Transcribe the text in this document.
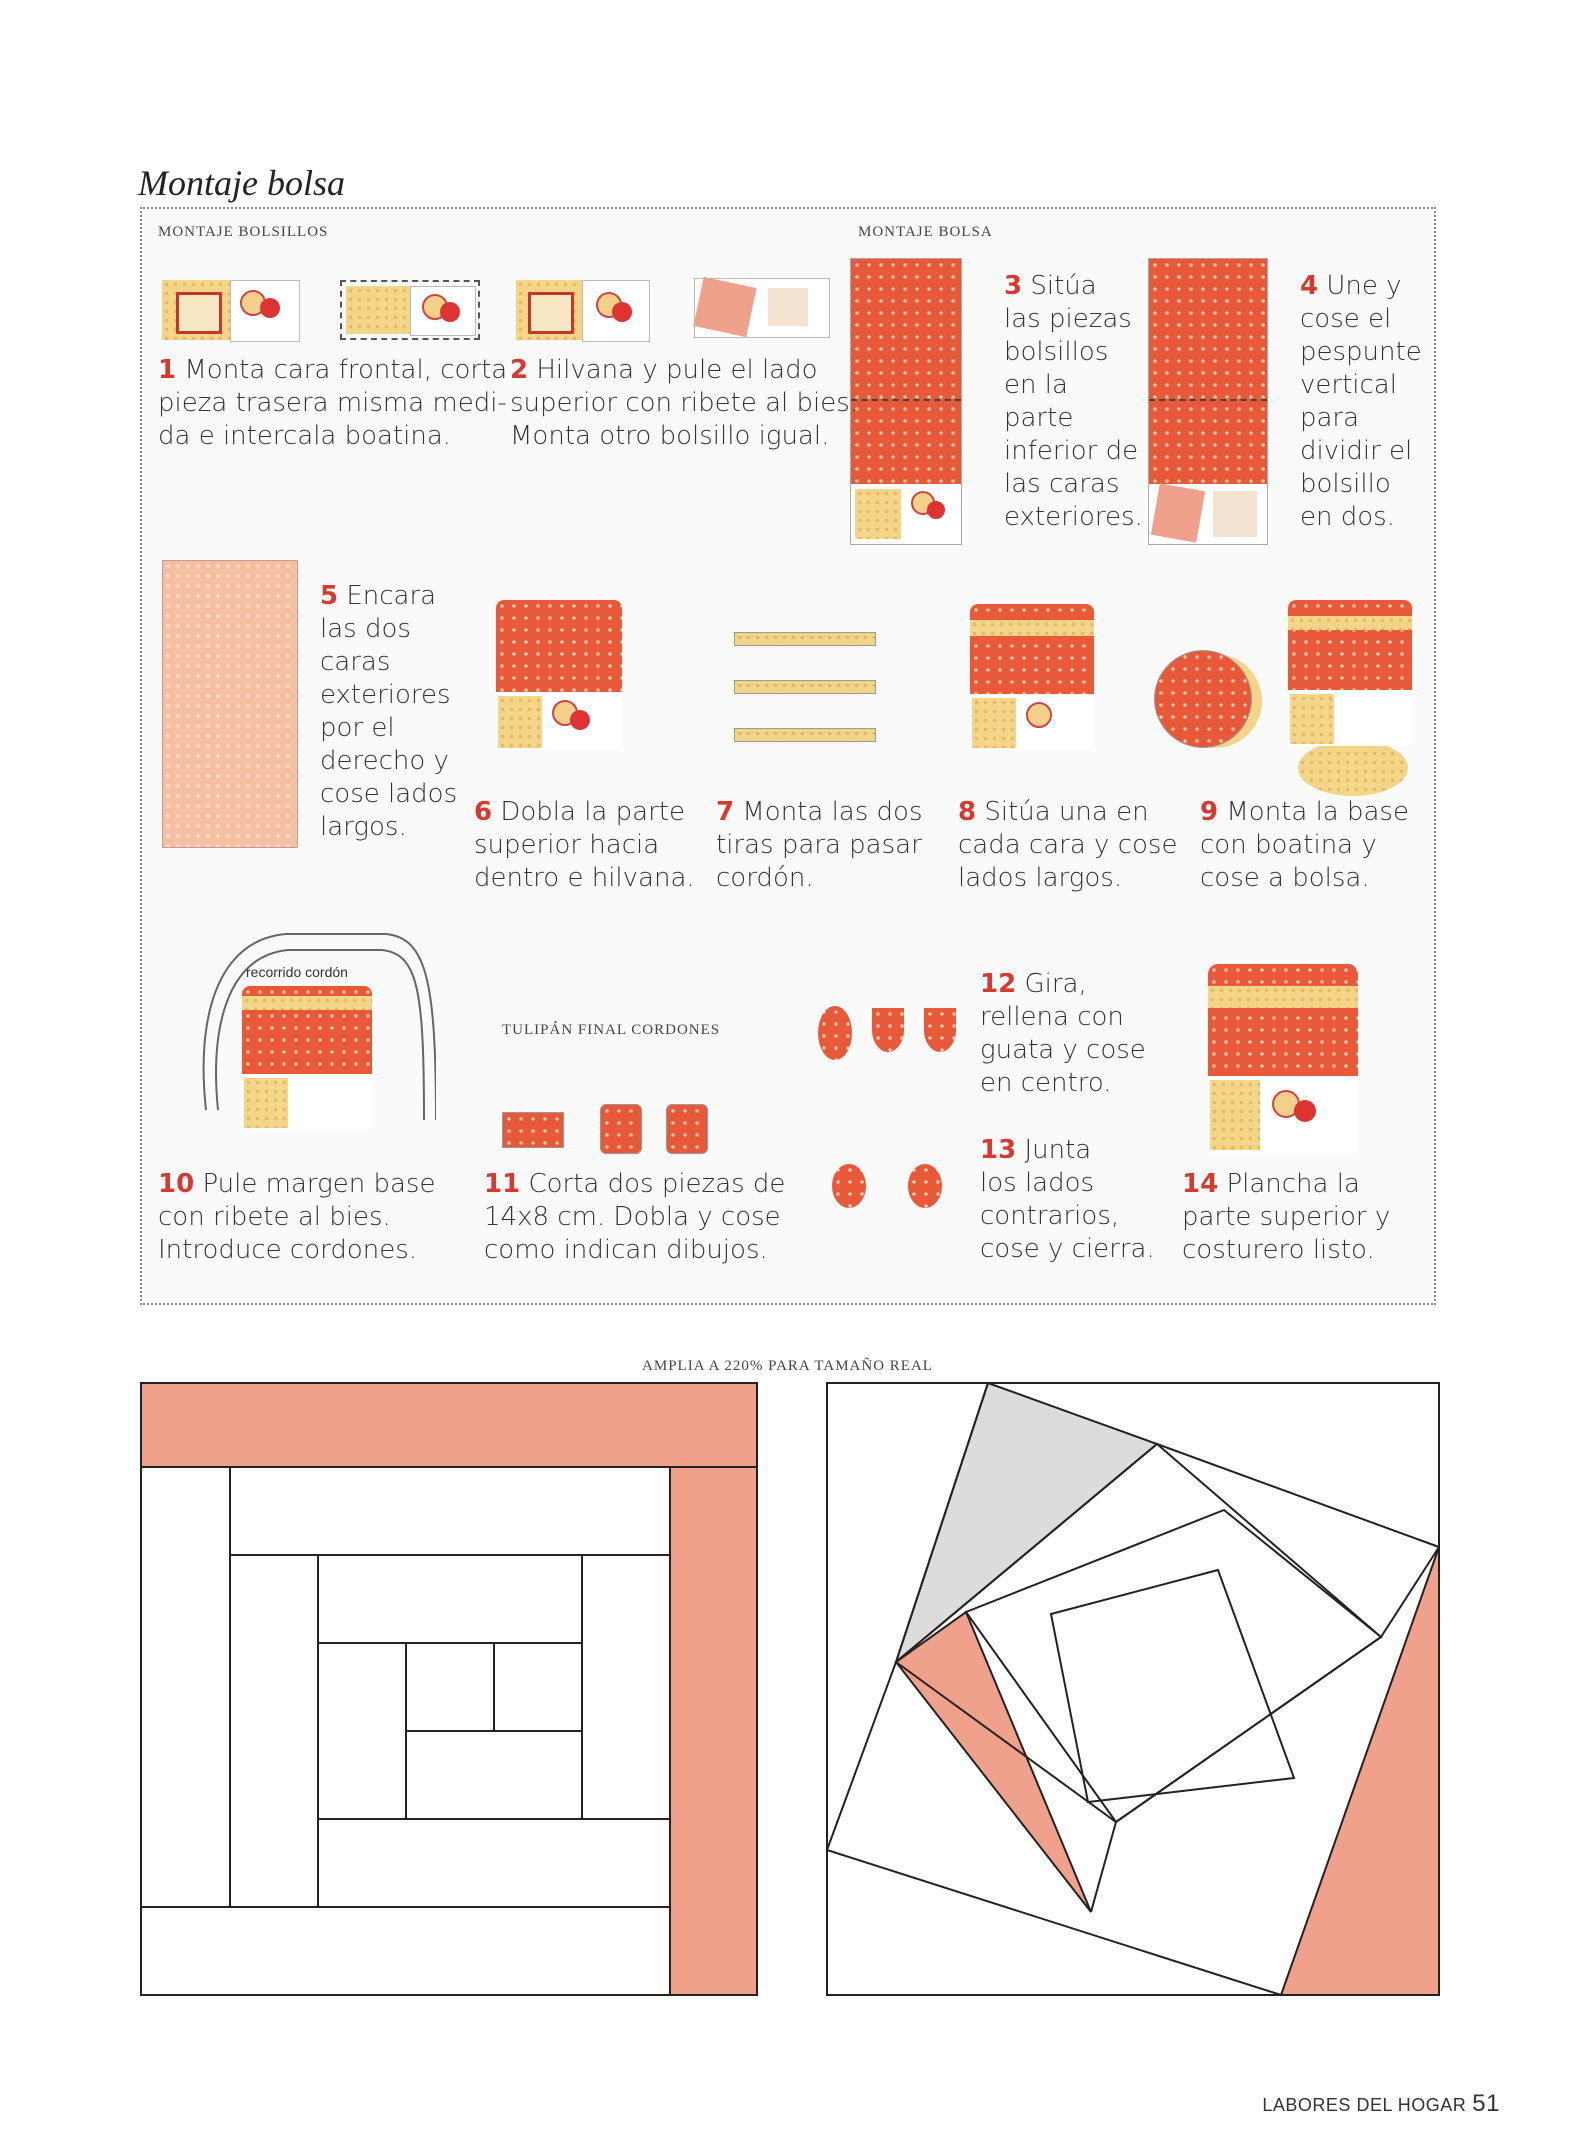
Montaje bolsa
MONTAJE BOLSILLOS	MONTAJE BOLSA
TULIPÁN FINAL CORDONES
1 Monta cara frontal, corta
pieza trasera misma medi-
da e intercala boatina.
2 Hilvana y pule el lado
superior con ribete al bies.
Monta otro bolsillo igual.
3 Sitúa
las piezas
bolsillos
en la
parte
inferior de
las caras
exteriores.
4 Une y
cose el
pespunte
vertical
para
dividir el
bolsillo
en dos.
5 Encara
las dos
caras
exteriores
por el
derecho y
cose lados
largos.	6 Dobla la parte
superior hacia
dentro e hilvana.
7 Monta las dos
tiras para pasar
cordón.
8 Sitúa una en
cada cara y cose
lados largos.
9 Monta la base
con boatina y
cose a bolsa.
recorrido cordón
10 Pule margen base
con ribete al bies.
Introduce cordones.
11 Corta dos piezas de
14x8 cm. Dobla y cose
como indican dibujos.
12 Gira,
rellena con
guata y cose
en centro.
13 Junta
los lados
contrarios,
cose y cierra.
14 Plancha la
parte superior y
costurero listo.
AMPLIA A 220% PARA TAMAÑO REAL
LABORES DEL HOGAR 51
